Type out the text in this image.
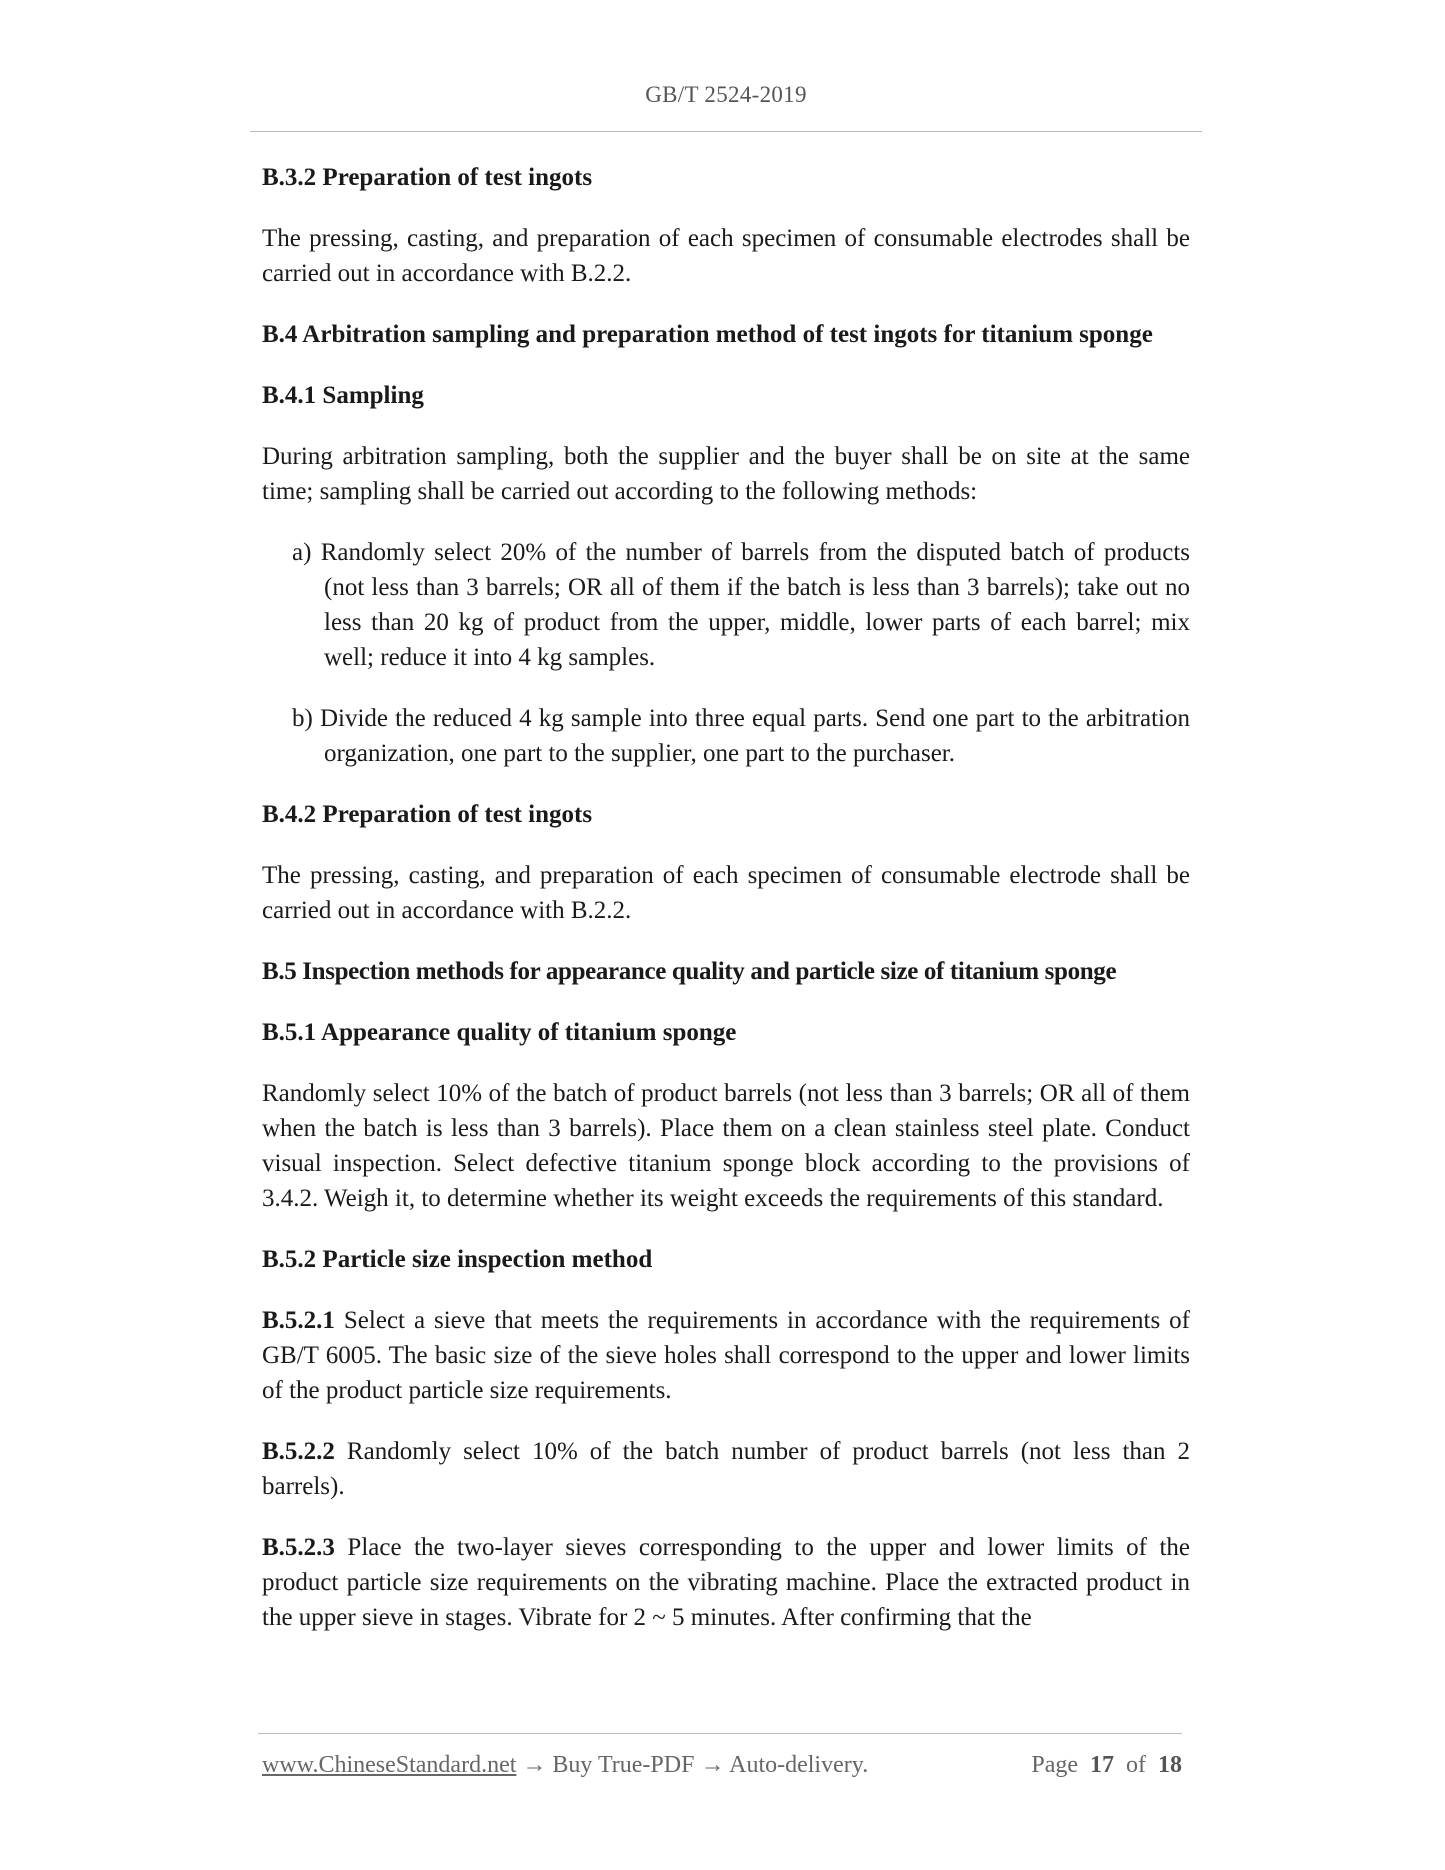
GB/T 2524-2019
B.3.2 Preparation of test ingots

The pressing, casting, and preparation of each specimen of consumable electrodes shall be carried out in accordance with B.2.2.

B.4 Arbitration sampling and preparation method of test ingots for titanium sponge
B.4.1 Sampling

During arbitration sampling, both the supplier and the buyer shall be on site at the same time; sampling shall be carried out according to the following methods:

a) Randomly select 20% of the number of barrels from the disputed batch of products (not less than 3 barrels; OR all of them if the batch is less than 3 barrels); take out no less than 20 kg of product from the upper, middle, lower parts of each barrel; mix well; reduce it into 4 kg samples.

b) Divide the reduced 4 kg sample into three equal parts. Send one part to the arbitration organization, one part to the supplier, one part to the purchaser.

B.4.2 Preparation of test ingots

The pressing, casting, and preparation of each specimen of consumable electrode shall be carried out in accordance with B.2.2.

B.5 Inspection methods for appearance quality and particle size of titanium sponge
B.5.1 Appearance quality of titanium sponge

Randomly select 10% of the batch of product barrels (not less than 3 barrels; OR all of them when the batch is less than 3 barrels). Place them on a clean stainless steel plate. Conduct visual inspection. Select defective titanium sponge block according to the provisions of 3.4.2. Weigh it, to determine whether its weight exceeds the requirements of this standard.

B.5.2 Particle size inspection method

B.5.2.1 Select a sieve that meets the requirements in accordance with the requirements of GB/T 6005. The basic size of the sieve holes shall correspond to the upper and lower limits of the product particle size requirements.

B.5.2.2 Randomly select 10% of the batch number of product barrels (not less than 2 barrels).

B.5.2.3 Place the two-layer sieves corresponding to the upper and lower limits of the product particle size requirements on the vibrating machine. Place the extracted product in the upper sieve in stages. Vibrate for 2 ~ 5 minutes. After confirming that the

www.ChineseStandard.net → Buy True-PDF → Auto-delivery.	Page 17 of 18
